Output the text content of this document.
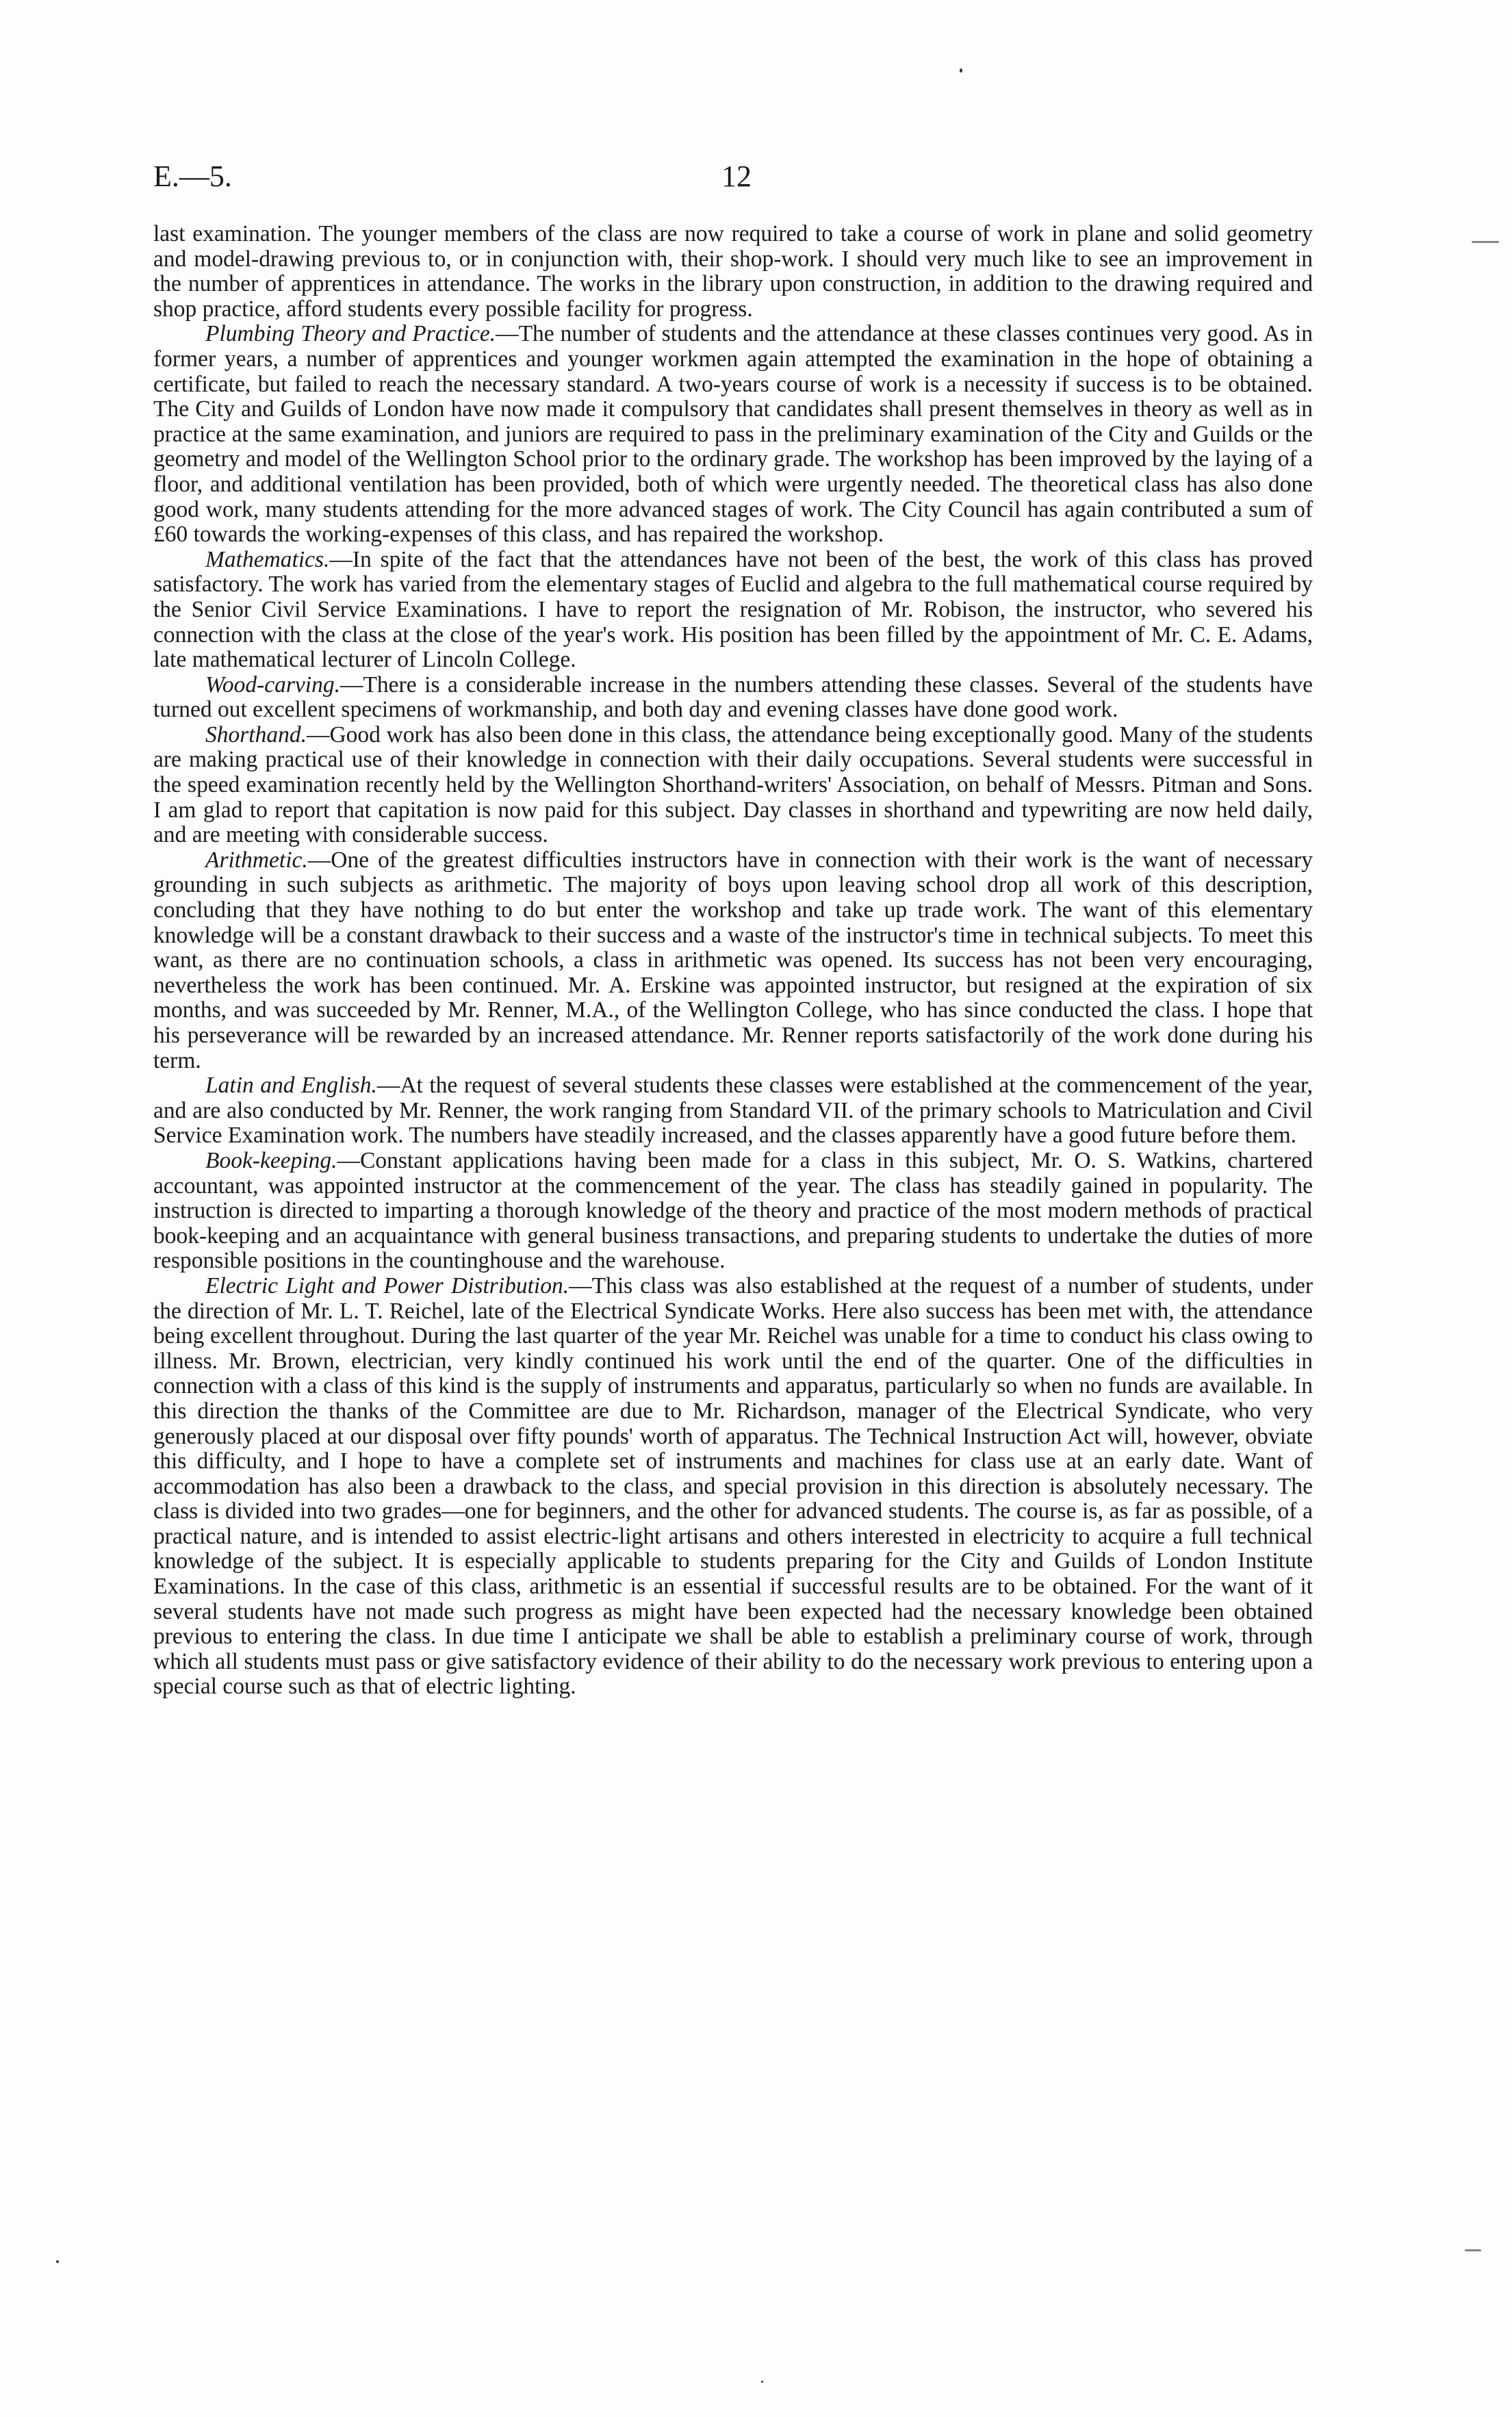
E.—5.	12

last examination. The younger members of the class are now required to take a course of work in plane and solid geometry and model-drawing previous to, or in conjunction with, their shop-work. I should very much like to see an improvement in the number of apprentices in attendance. The works in the library upon construction, in addition to the drawing required and shop practice, afford students every possible facility for progress.

Plumbing Theory and Practice.—The number of students and the attendance at these classes continues very good. As in former years, a number of apprentices and younger workmen again attempted the examination in the hope of obtaining a certificate, but failed to reach the necessary standard. A two-years course of work is a necessity if success is to be obtained. The City and Guilds of London have now made it compulsory that candidates shall present themselves in theory as well as in practice at the same examination, and juniors are required to pass in the preliminary examination of the City and Guilds or the geometry and model of the Wellington School prior to the ordinary grade. The workshop has been improved by the laying of a floor, and additional ventilation has been provided, both of which were urgently needed. The theoretical class has also done good work, many students attending for the more advanced stages of work. The City Council has again contributed a sum of £60 towards the working-expenses of this class, and has repaired the workshop.

Mathematics.—In spite of the fact that the attendances have not been of the best, the work of this class has proved satisfactory. The work has varied from the elementary stages of Euclid and algebra to the full mathematical course required by the Senior Civil Service Examinations. I have to report the resignation of Mr. Robison, the instructor, who severed his connection with the class at the close of the year's work. His position has been filled by the appointment of Mr. C. E. Adams, late mathematical lecturer of Lincoln College.

Wood-carving.—There is a considerable increase in the numbers attending these classes. Several of the students have turned out excellent specimens of workmanship, and both day and evening classes have done good work.

Shorthand.—Good work has also been done in this class, the attendance being exceptionally good. Many of the students are making practical use of their knowledge in connection with their daily occupations. Several students were successful in the speed examination recently held by the Wellington Shorthand-writers' Association, on behalf of Messrs. Pitman and Sons. I am glad to report that capitation is now paid for this subject. Day classes in shorthand and typewriting are now held daily, and are meeting with considerable success.

Arithmetic.—One of the greatest difficulties instructors have in connection with their work is the want of necessary grounding in such subjects as arithmetic. The majority of boys upon leaving school drop all work of this description, concluding that they have nothing to do but enter the workshop and take up trade work. The want of this elementary knowledge will be a constant drawback to their success and a waste of the instructor's time in technical subjects. To meet this want, as there are no continuation schools, a class in arithmetic was opened. Its success has not been very encouraging, nevertheless the work has been continued. Mr. A. Erskine was appointed instructor, but resigned at the expiration of six months, and was succeeded by Mr. Renner, M.A., of the Wellington College, who has since conducted the class. I hope that his perseverance will be rewarded by an increased attendance. Mr. Renner reports satisfactorily of the work done during his term.

Latin and English.—At the request of several students these classes were established at the commencement of the year, and are also conducted by Mr. Renner, the work ranging from Standard VII. of the primary schools to Matriculation and Civil Service Examination work. The numbers have steadily increased, and the classes apparently have a good future before them.

Book-keeping.—Constant applications having been made for a class in this subject, Mr. O. S. Watkins, chartered accountant, was appointed instructor at the commencement of the year. The class has steadily gained in popularity. The instruction is directed to imparting a thorough knowledge of the theory and practice of the most modern methods of practical book-keeping and an acquaintance with general business transactions, and preparing students to undertake the duties of more responsible positions in the countinghouse and the warehouse.

Electric Light and Power Distribution.—This class was also established at the request of a number of students, under the direction of Mr. L. T. Reichel, late of the Electrical Syndicate Works. Here also success has been met with, the attendance being excellent throughout. During the last quarter of the year Mr. Reichel was unable for a time to conduct his class owing to illness. Mr. Brown, electrician, very kindly continued his work until the end of the quarter. One of the difficulties in connection with a class of this kind is the supply of instruments and apparatus, particularly so when no funds are available. In this direction the thanks of the Committee are due to Mr. Richardson, manager of the Electrical Syndicate, who very generously placed at our disposal over fifty pounds' worth of apparatus. The Technical Instruction Act will, however, obviate this difficulty, and I hope to have a complete set of instruments and machines for class use at an early date. Want of accommodation has also been a drawback to the class, and special provision in this direction is absolutely necessary. The class is divided into two grades—one for beginners, and the other for advanced students. The course is, as far as possible, of a practical nature, and is intended to assist electric-light artisans and others interested in electricity to acquire a full technical knowledge of the subject. It is especially applicable to students preparing for the City and Guilds of London Institute Examinations. In the case of this class, arithmetic is an essential if successful results are to be obtained. For the want of it several students have not made such progress as might have been expected had the necessary knowledge been obtained previous to entering the class. In due time I anticipate we shall be able to establish a preliminary course of work, through which all students must pass or give satisfactory evidence of their ability to do the necessary work previous to entering upon a special course such as that of electric lighting.
